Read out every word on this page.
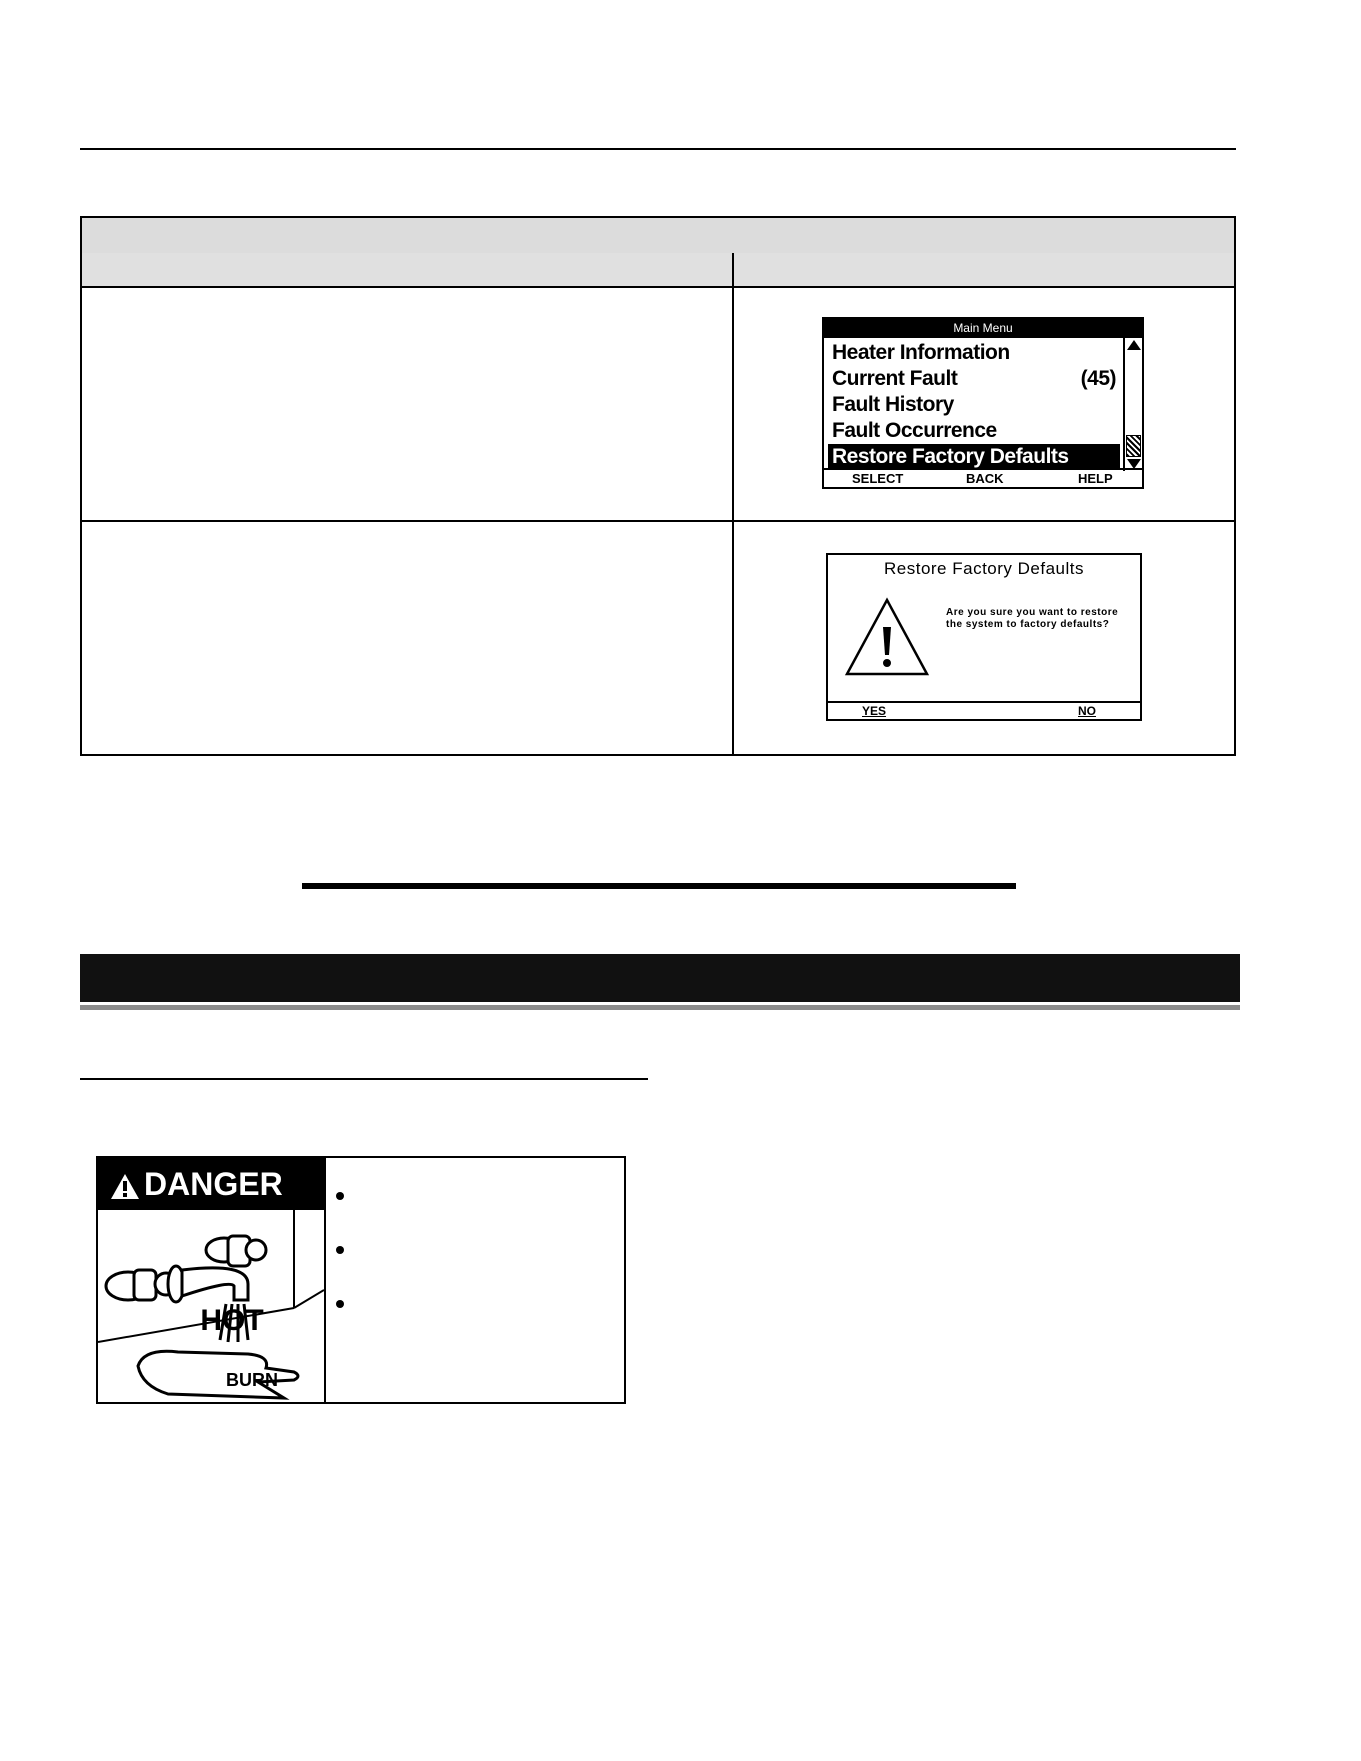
Main Menu
Heater Information
Current Fault	(45)
Fault History
Fault Occurrence
Restore Factory Defaults
SELECT	BACK	HELP
Restore Factory Defaults
Are you sure you want to restore the system to factory defaults?
YES	NO
HOT
BURN
DANGER
